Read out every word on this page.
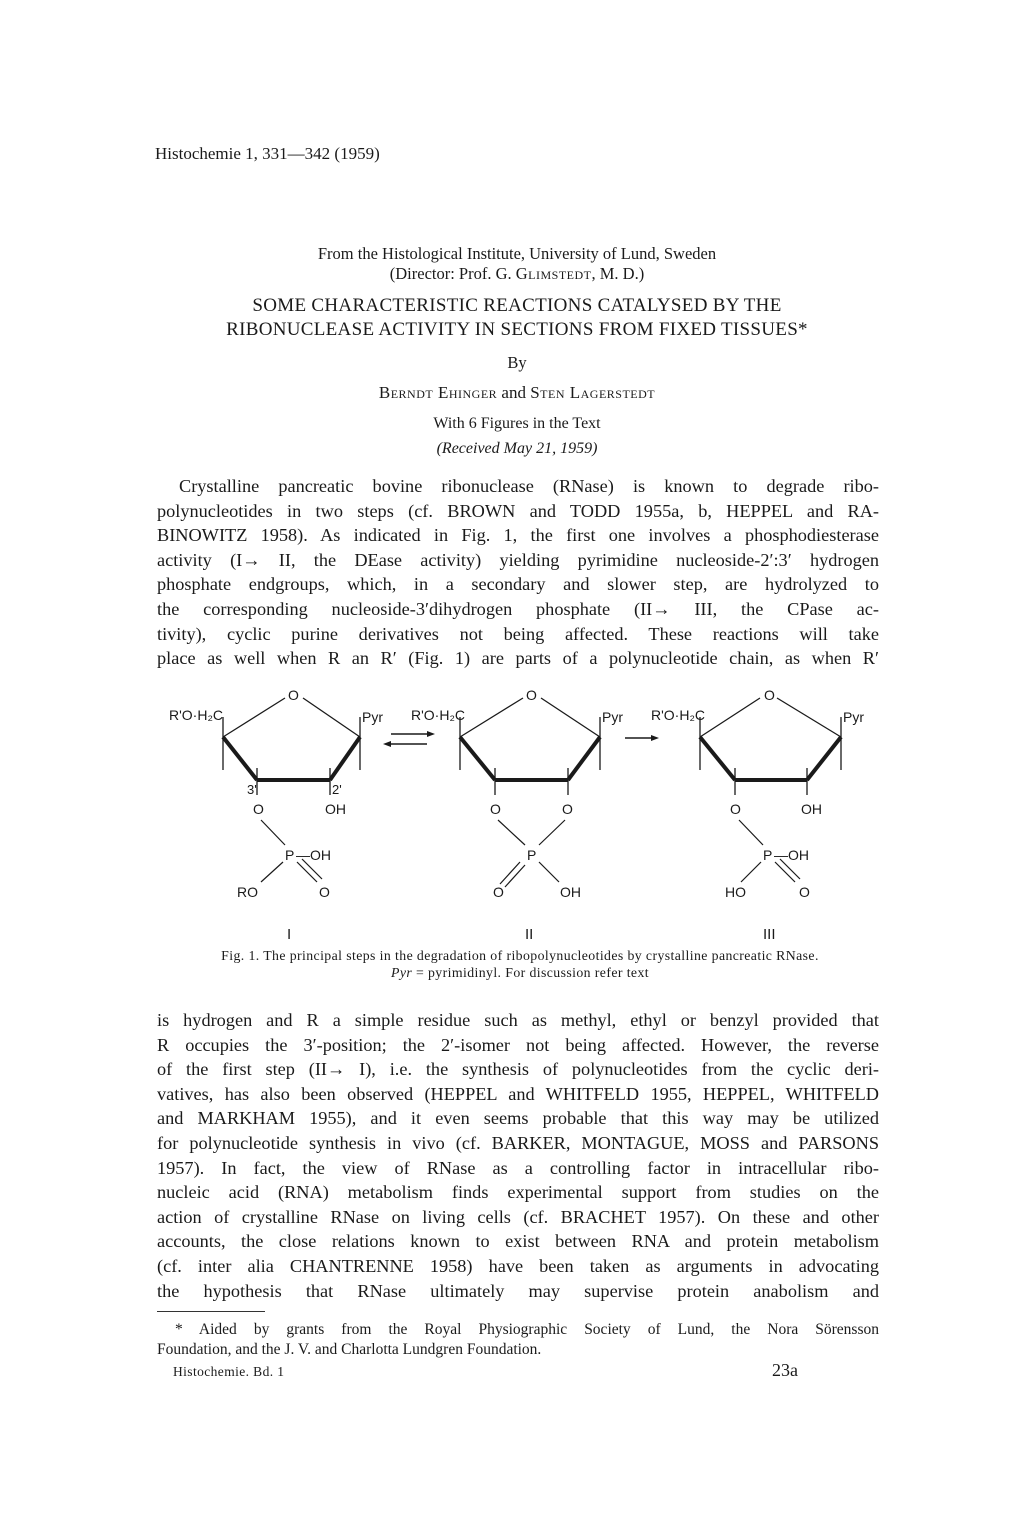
Histochemie 1, 331—342 (1959)
From the Histological Institute, University of Lund, Sweden
(Director: Prof. G. Glimstedt, M. D.)
SOME CHARACTERISTIC REACTIONS CATALYSED BY THE
RIBONUCLEASE ACTIVITY IN SECTIONS FROM FIXED TISSUES*
By
Berndt Ehinger and Sten Lagerstedt
With 6 Figures in the Text
(Received May 21, 1959)
Crystalline pancreatic bovine ribonuclease (RNase) is known to degrade ribo-
polynucleotides in two steps (cf. BROWN and TODD 1955a, b, HEPPEL and RA-
BINOWITZ 1958). As indicated in Fig. 1, the first one involves a phosphodiesterase
activity (I→ II, the DEase activity) yielding pyrimidine nucleoside-2′:3′ hydrogen
phosphate endgroups, which, in a secondary and slower step, are hydrolyzed to
the corresponding nucleoside-3′dihydrogen phosphate (II→ III, the CPase ac-
tivity), cyclic purine derivatives not being affected. These reactions will take
place as well when R an R′ (Fig. 1) are parts of a polynucleotide chain, as when R′
O
R'O·H₂C	Pyr
3'	2'
O	OH
P —OH
RO	O
O
R'O·H₂C	Pyr
O	O
P
O	OH
O
R'O·H₂C	Pyr
O	OH
P —OH
HO	O
I	II	III
Fig. 1. The principal steps in the degradation of ribopolynucleotides by crystalline pancreatic RNase.
Pyr = pyrimidinyl. For discussion refer text
is hydrogen and R a simple residue such as methyl, ethyl or benzyl provided that
R occupies the 3′-position; the 2′-isomer not being affected. However, the reverse
of the first step (II→ I), i.e. the synthesis of polynucleotides from the cyclic deri-
vatives, has also been observed (HEPPEL and WHITFELD 1955, HEPPEL, WHITFELD
and MARKHAM 1955), and it even seems probable that this way may be utilized
for polynucleotide synthesis in vivo (cf. BARKER, MONTAGUE, MOSS and PARSONS
1957). In fact, the view of RNase as a controlling factor in intracellular ribo-
nucleic acid (RNA) metabolism finds experimental support from studies on the
action of crystalline RNase on living cells (cf. BRACHET 1957). On these and other
accounts, the close relations known to exist between RNA and protein metabolism
(cf. inter alia CHANTRENNE 1958) have been taken as arguments in advocating
the hypothesis that RNase ultimately may supervise protein anabolism and
* Aided by grants from the Royal Physiographic Society of Lund, the Nora Sörensson
Foundation, and the J. V. and Charlotta Lundgren Foundation.
Histochemie. Bd. 1	23a
